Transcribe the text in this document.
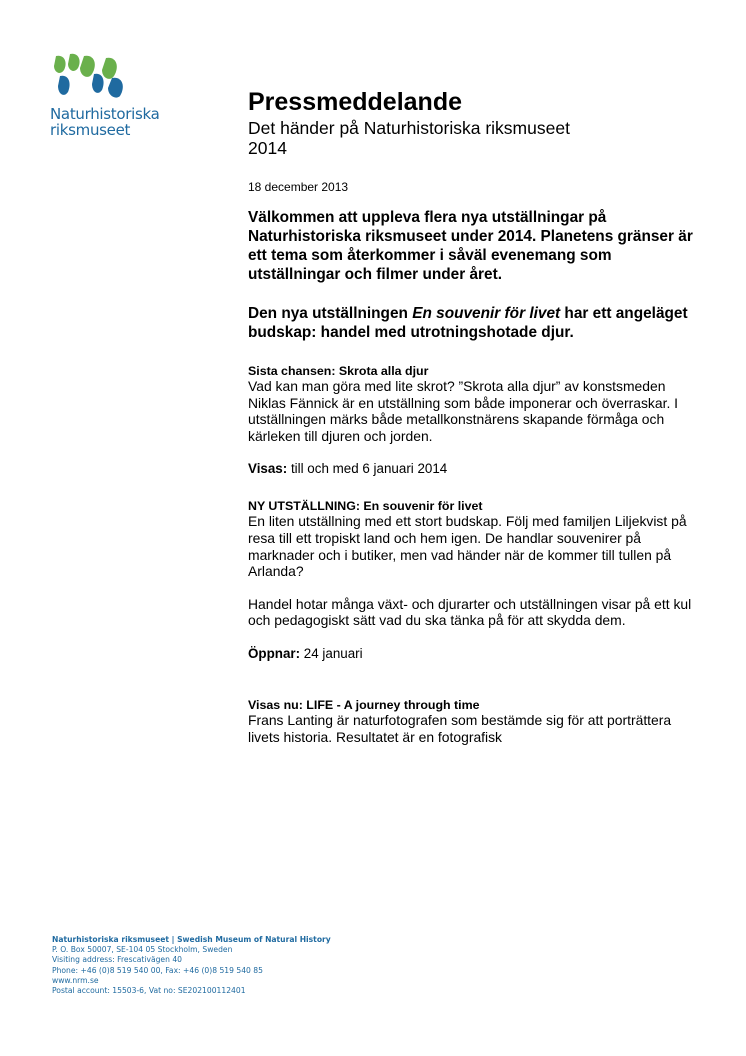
Naturhistoriska
riksmuseet
Pressmeddelande
Det händer på Naturhistoriska riksmuseet
2014
18 december 2013
Välkommen att uppleva flera nya utställningar på Naturhistoriska riksmuseet under 2014. Planetens gränser är ett tema som återkommer i såväl evenemang som utställningar och filmer under året.
Den nya utställningen En souvenir för livet har ett angeläget budskap: handel med utrotningshotade djur.
Sista chansen: Skrota alla djur
Vad kan man göra med lite skrot? ”Skrota alla djur” av konstsmeden Niklas Fännick är en utställning som både imponerar och överraskar. I utställningen märks både metallkonstnärens skapande förmåga och kärleken till djuren och jorden.
Visas: till och med 6 januari 2014
NY UTSTÄLLNING: En souvenir för livet
En liten utställning med ett stort budskap. Följ med familjen Liljekvist på resa till ett tropiskt land och hem igen. De handlar souvenirer på marknader och i butiker, men vad händer när de kommer till tullen på Arlanda?
Handel hotar många växt- och djurarter och utställningen visar på ett kul och pedagogiskt sätt vad du ska tänka på för att skydda dem.
Öppnar: 24 januari
Visas nu: LIFE - A journey through time
Frans Lanting är naturfotografen som bestämde sig för att porträttera livets historia. Resultatet är en fotografisk
Naturhistoriska riksmuseet | Swedish Museum of Natural History
P. O. Box 50007, SE-104 05 Stockholm, Sweden
Visiting address: Frescativägen 40
Phone: +46 (0)8 519 540 00, Fax: +46 (0)8 519 540 85
www.nrm.se
Postal account: 15503-6, Vat no: SE202100112401
